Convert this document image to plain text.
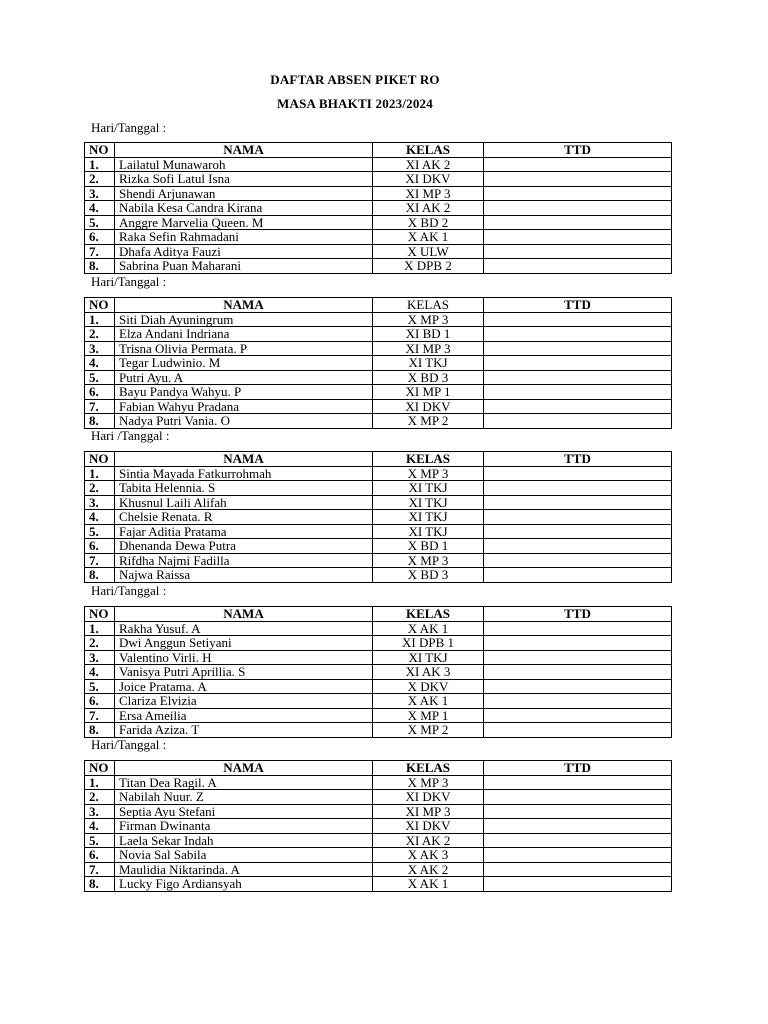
DAFTAR ABSEN PIKET RO
MASA BHAKTI 2023/2024
Hari/Tanggal :
NO	NAMA	KELAS	TTD
1.	Lailatul Munawaroh	XI AK 2	
2.	Rizka Sofi Latul Isna	XI DKV	
3.	Shendi Arjunawan	XI MP 3	
4.	Nabila Kesa Candra Kirana	XI AK 2	
5.	Anggre Marvelia Queen. M	X BD 2	
6.	Raka Sefin Rahmadani	X AK 1	
7.	Dhafa Aditya Fauzi	X ULW	
8.	Sabrina Puan Maharani	X DPB 2	
Hari/Tanggal :
NO	NAMA	KELAS	TTD
1.	Siti Diah Ayuningrum	X MP 3	
2.	Elza Andani Indriana	XI BD 1	
3.	Trisna Olivia Permata. P	XI MP 3	
4.	Tegar Ludwinio. M	XI TKJ	
5.	Putri Ayu. A	X BD 3	
6.	Bayu Pandya Wahyu. P	XI MP 1	
7.	Fabian Wahyu Pradana	XI DKV	
8.	Nadya Putri Vania. O	X MP 2	
Hari /Tanggal :
NO	NAMA	KELAS	TTD
1.	Sintia Mayada Fatkurrohmah	X MP 3	
2.	Tabita Helennia. S	XI TKJ	
3.	Khusnul Laili Alifah	XI TKJ	
4.	Chelsie Renata. R	XI TKJ	
5.	Fajar Aditia Pratama	XI TKJ	
6.	Dhenanda Dewa Putra	X BD 1	
7.	Rifdha Najmi Fadilla	X MP 3	
8.	Najwa Raissa	X BD 3	
Hari/Tanggal :
NO	NAMA	KELAS	TTD
1.	Rakha Yusuf. A	X AK 1	
2.	Dwi Anggun Setiyani	XI DPB 1	
3.	Valentino Virli. H	XI TKJ	
4.	Vanisya Putri Aprillia. S	XI AK 3	
5.	Joice Pratama. A	X DKV	
6.	Clariza Elvizia	X AK 1	
7.	Ersa Ameilia	X MP 1	
8.	Farida Aziza. T	X MP 2	
Hari/Tanggal :
NO	NAMA	KELAS	TTD
1.	Titan Dea Ragil. A	X MP 3	
2.	Nabilah Nuur. Z	XI DKV	
3.	Septia Ayu Stefani	XI MP 3	
4.	Firman Dwinanta	XI DKV	
5.	Laela Sekar Indah	XI AK 2	
6.	Novia Sal Sabila	X AK 3	
7.	Maulidia Niktarinda. A	X AK 2	
8.	Lucky Figo Ardiansyah	X AK 1	
